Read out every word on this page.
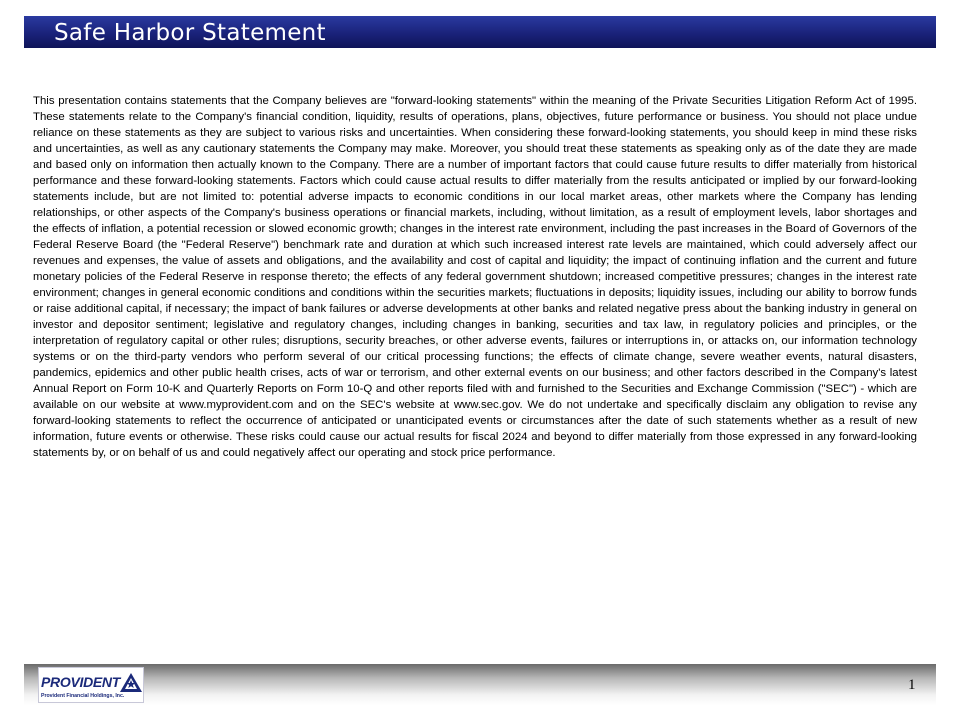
Safe Harbor Statement
This presentation contains statements that the Company believes are "forward-looking statements" within the meaning of the Private Securities Litigation Reform Act of 1995. These statements relate to the Company's financial condition, liquidity, results of operations, plans, objectives, future performance or business. You should not place undue reliance on these statements as they are subject to various risks and uncertainties. When considering these forward-looking statements, you should keep in mind these risks and uncertainties, as well as any cautionary statements the Company may make. Moreover, you should treat these statements as speaking only as of the date they are made and based only on information then actually known to the Company. There are a number of important factors that could cause future results to differ materially from historical performance and these forward-looking statements. Factors which could cause actual results to differ materially from the results anticipated or implied by our forward-looking statements include, but are not limited to: potential adverse impacts to economic conditions in our local market areas, other markets where the Company has lending relationships, or other aspects of the Company's business operations or financial markets, including, without limitation, as a result of employment levels, labor shortages and the effects of inflation, a potential recession or slowed economic growth; changes in the interest rate environment, including the past increases in the Board of Governors of the Federal Reserve Board (the "Federal Reserve") benchmark rate and duration at which such increased interest rate levels are maintained, which could adversely affect our revenues and expenses, the value of assets and obligations, and the availability and cost of capital and liquidity; the impact of continuing inflation and the current and future monetary policies of the Federal Reserve in response thereto; the effects of any federal government shutdown; increased competitive pressures; changes in the interest rate environment; changes in general economic conditions and conditions within the securities markets; fluctuations in deposits; liquidity issues, including our ability to borrow funds or raise additional capital, if necessary; the impact of bank failures or adverse developments at other banks and related negative press about the banking industry in general on investor and depositor sentiment; legislative and regulatory changes, including changes in banking, securities and tax law, in regulatory policies and principles, or the interpretation of regulatory capital or other rules; disruptions, security breaches, or other adverse events, failures or interruptions in, or attacks on, our information technology systems or on the third-party vendors who perform several of our critical processing functions; the effects of climate change, severe weather events, natural disasters, pandemics, epidemics and other public health crises, acts of war or terrorism, and other external events on our business; and other factors described in the Company's latest Annual Report on Form 10-K and Quarterly Reports on Form 10-Q and other reports filed with and furnished to the Securities and Exchange Commission ("SEC") - which are available on our website at www.myprovident.com and on the SEC's website at www.sec.gov. We do not undertake and specifically disclaim any obligation to revise any forward-looking statements to reflect the occurrence of anticipated or unanticipated events or circumstances after the date of such statements whether as a result of new information, future events or otherwise. These risks could cause our actual results for fiscal 2024 and beyond to differ materially from those expressed in any forward-looking statements by, or on behalf of us and could negatively affect our operating and stock price performance.
PROVIDENT
Provident Financial Holdings, Inc.
1
